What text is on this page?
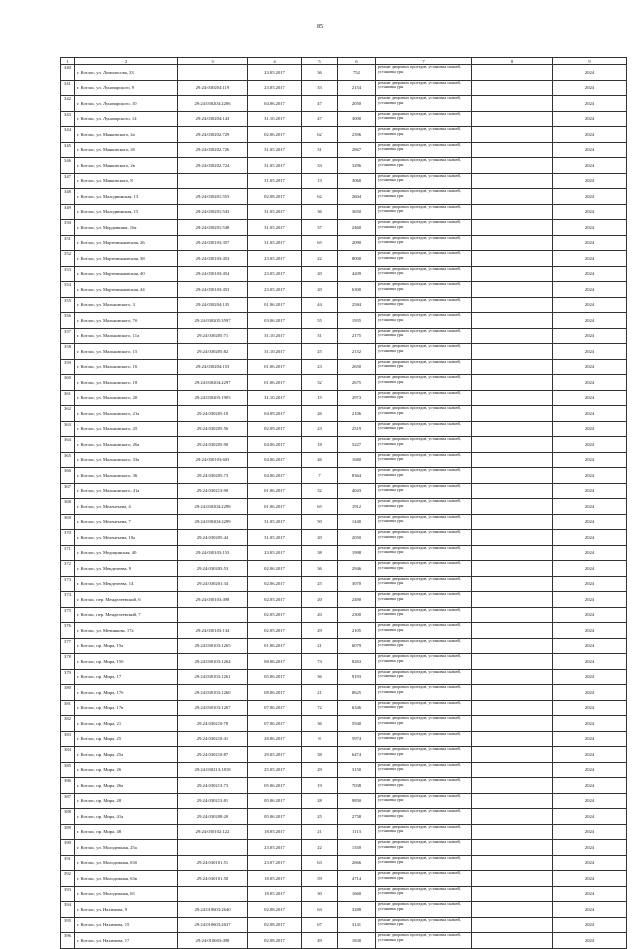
85
1	2	3	4	5	6	7	8	9
340	г. Котлас, ул. Ломоносова, 33		23.05.2017	36	752	ремонт дворовых проездов, установка скамей, установка урн		2024
341	г. Котлас, ул. Луначарского, 9	29:24:030204:119	23.05.2017	33	2154	ремонт дворовых проездов, установка скамей, установка урн		2024
342	г. Котлас, ул. Луначарского, 10	29:24:030204:2206	04.06.2017	47	2050	ремонт дворовых проездов, установка скамей, установка урн		2024
343	г. Котлас, ул. Луначарского, 14	29:24:030204:143	31.10.2017	47	3000	ремонт дворовых проездов, установка скамей, установка урн		2024
344	г. Котлас, ул. Маяковского, 2а	29:24:030202:729	02.06.2017	62	2396	ремонт дворовых проездов, установка скамей, установка урн		2024
345	г. Котлас, ул. Маяковского, 2б	29:24:030202:726	31.05.2017	31	2867	ремонт дворовых проездов, установка скамей, установка урн		2024
346	г. Котлас, ул. Маяковского, 2в	29:24:030202:724	31.05.2017	33	3296	ремонт дворовых проездов, установка скамей, установка урн		2024
347	г. Котлас, ул. Маяковского, 8		31.05.2017	13	3060	ремонт дворовых проездов, установка скамей, установка урн		2024
348	г. Котлас, ул. Малодвинская, 13	29:24:030201:553	02.08.2017	62	2604	ремонт дворовых проездов, установка скамей, установка урн		2024
349	г. Котлас, ул. Малодвинская, 15	29:24:030201:543	31.05.2017	36	3650	ремонт дворовых проездов, установка скамей, установка урн		2024
350	г. Котлас, ул. Мордовкина, 16а	29:24:030201:548	31.05.2017	37	2460	ремонт дворовых проездов, установка скамей, установка урн		2024
351	г. Котлас, ул. Мартемьяновская, 26	29:24:030103:357	31.05.2017	65	2090	ремонт дворовых проездов, установка скамей, установка урн		2024
352	г. Котлас, ул. Мартемьяновская, 38	29:24:030103:453	23.05.2017	22	8000	ремонт дворовых проездов, установка скамей, установка урн		2024
353	г. Котлас, ул. Мартемьяновская, 40	29:24:030103:454	23.05.2017	20	4209	ремонт дворовых проездов, установка скамей, установка урн		2024
354	г. Котлас, ул. Мартемьяновская, 44	29:24:030103:453	23.05.2017	20	6300	ремонт дворовых проездов, установка скамей, установка урн		2024
355	г. Котлас, ул. Мальковского, 3	29:24:030204:135	01.06.2017	44	2584	ремонт дворовых проездов, установка скамей, установка урн		2024
356	г. Котлас, ул. Мальковского, 7б	29:24:030205:3597	03.06.2017	55	1955	ремонт дворовых проездов, установка скамей, установка урн		2024
357	г. Котлас, ул. Мальковского, 11а	29:24:030205:71	31.10.2017	31	2175	ремонт дворовых проездов, установка скамей, установка урн		2024
358	г. Котлас, ул. Мальковского, 15	29:24:030205:82	31.10.2017	25	2132	ремонт дворовых проездов, установка скамей, установка урн		2024
359	г. Котлас, ул. Мальковского, 16	29:24:030204:153	01.06.2017	23	2650	ремонт дворовых проездов, установка скамей, установка урн		2024
360	г. Котлас, ул. Мальковского, 18	29:24:030204:2297	01.06.2017	32	2675	ремонт дворовых проездов, установка скамей, установка урн		2024
361	г. Котлас, ул. Мальковского, 20	29:24:030205:1905	31.10.2017	15	2973	ремонт дворовых проездов, установка скамей, установка урн		2024
362	г. Котлас, ул. Мальковского, 21а	29:24:030205:18	04.09.2017	26	2106	ремонт дворовых проездов, установка скамей, установка урн		2024
363	г. Котлас, ул. Мальковского, 25	29:24:030205:56	02.09.2017	23	2519	ремонт дворовых проездов, установка скамей, установка урн		2024
364	г. Котлас, ул. Мальковского, 26а	29:24:030205:90	04.06.2017	18	5227	ремонт дворовых проездов, установка скамей, установка урн		2024
365	г. Котлас, ул. Мальковского, 33а	29:24:030103:603	04.06.2017	46	1680	ремонт дворовых проездов, установка скамей, установка урн		2024
366	г. Котлас, ул. Мальковского, 36	29:24:030205:73	04.06.2017	7	8364	ремонт дворовых проездов, установка скамей, установка урн		2024
367	г. Котлас, ул. Мальковского, 41а	29:24:030213:90	01.06.2017	32	4043	ремонт дворовых проездов, установка скамей, установка урн		2024
368	г. Котлас, ул. Мелентьева, 4	29:24:030204:2298	01.06.2017	65	1912	ремонт дворовых проездов, установка скамей, установка урн		2024
369	г. Котлас, ул. Мелентьева, 7	29:24:030204:2299	31.05.2017	50	1440	ремонт дворовых проездов, установка скамей, установка урн		2024
370	г. Котлас, ул. Мелентьева, 10а	29:24:030205:44	31.05.2017	20	2050	ремонт дворовых проездов, установка скамей, установка урн		2024
371	г. Котлас, ул. Медицинская, 40	29:24:030103:153	23.05.2017	38	1998	ремонт дворовых проездов, установка скамей, установка урн		2024
372	г. Котлас, ул. Менделеева, 9	29:24:030203:53	02.06.2017	36	2946	ремонт дворовых проездов, установка скамей, установка урн		2024
373	г. Котлас, ул. Менделеева, 14	29:24:030201:34	02.06.2017	25	3070	ремонт дворовых проездов, установка скамей, установка урн		2024
374	г. Котлас, пер. Менделеевский, 6	29:24:030103:498	02.05.2017	20	2490	ремонт дворовых проездов, установка скамей, установка урн		2024
375	г. Котлас, пер. Менделеевский, 7		02.05.2017	20	2300	ремонт дворовых проездов, установка скамей, установка урн		2024
376	г. Котлас, ул. Мечникова, 17а	29:24:030103:134	02.05.2017	29	2105	ремонт дворовых проездов, установка скамей, установка урн		2024
377	г. Котлас, пр. Мира, 15а	29:24:030103:1265	01.06.2017	21	6079	ремонт дворовых проездов, установка скамей, установка урн		2024
378	г. Котлас, пр. Мира, 15б	29:24:030103:1264	08.06.2017	73	8263	ремонт дворовых проездов, установка скамей, установка урн		2024
379	г. Котлас, пр. Мира, 17	29:24:030103:1261	05.06.2017	36	9193	ремонт дворовых проездов, установка скамей, установка урн		2024
380	г. Котлас, пр. Мира, 17б	29:24:030103:1260	08.06.2017	21	8625	ремонт дворовых проездов, установка скамей, установка урн		2024
381	г. Котлас, пр. Мира, 17в	29:24:030103:1267	07.06.2017	72	6346	ремонт дворовых проездов, установка скамей, установка урн		2024
382	г. Котлас, пр. Мира, 21	29:24:030210:78	07.06.2017	36	5940	ремонт дворовых проездов, установка скамей, установка урн		2024
383	г. Котлас, пр. Мира, 25	29:24:030210:41	28.06.2017	8	5974	ремонт дворовых проездов, установка скамей, установка урн		2024
384	г. Котлас, пр. Мира, 25а	29:24:030210:87	29.05.2017	38	6474	ремонт дворовых проездов, установка скамей, установка урн		2024
385	г. Котлас, пр. Мира, 26	29:24:030213:1818	25.05.2017	29	3150	ремонт дворовых проездов, установка скамей, установка урн		2024
386	г. Котлас, пр. Мира, 26а	29:24:030213:73	05.06.2017	19	7038	ремонт дворовых проездов, установка скамей, установка урн		2024
387	г. Котлас, пр. Мира, 28	29:24:030213:81	05.06.2017	28	9850	ремонт дворовых проездов, установка скамей, установка урн		2024
388	г. Котлас, пр. Мира, 41а	29:24:030208:20	05.06.2017	25	2758	ремонт дворовых проездов, установка скамей, установка урн		2024
389	г. Котлас, пр. Мира, 48	29:24:030102:122	18.05.2017	21	1113	ремонт дворовых проездов, установка скамей, установка урн		2024
390	г. Котлас, ул. Молодежная, 25а		23.05.2017	22	1350	ремонт дворовых проездов, установка скамей, установка урн		2024
391	г. Котлас, ул. Молодежная, 63б	29:24:030101:51	23.07.2017	63	2666	ремонт дворовых проездов, установка скамей, установка урн		2024
392	г. Котлас, ул. Молодежная, 63в	29:24:030101:50	18.05.2017	59	4714	ремонт дворовых проездов, установка скамей, установка урн		2024
393	г. Котлас, ул. Молодежная, 65		18.05.2017	30	1660	ремонт дворовых проездов, установка скамей, установка урн		2024
394	г. Котлас, ул. Нахимова, 9	29:24:010603:2640	02.08.2017	63	3288	ремонт дворовых проездов, установка скамей, установка урн		2024
395	г. Котлас, ул. Нахимова, 15	29:24:010603:2637	02.08.2017	67	3141	ремонт дворовых проездов, установка скамей, установка урн		2024
396	г. Котлас, ул. Нахимова, 17	29:24:010603:498	02.08.2017	49	1830	ремонт дворовых проездов, установка скамей, установка урн		2024
